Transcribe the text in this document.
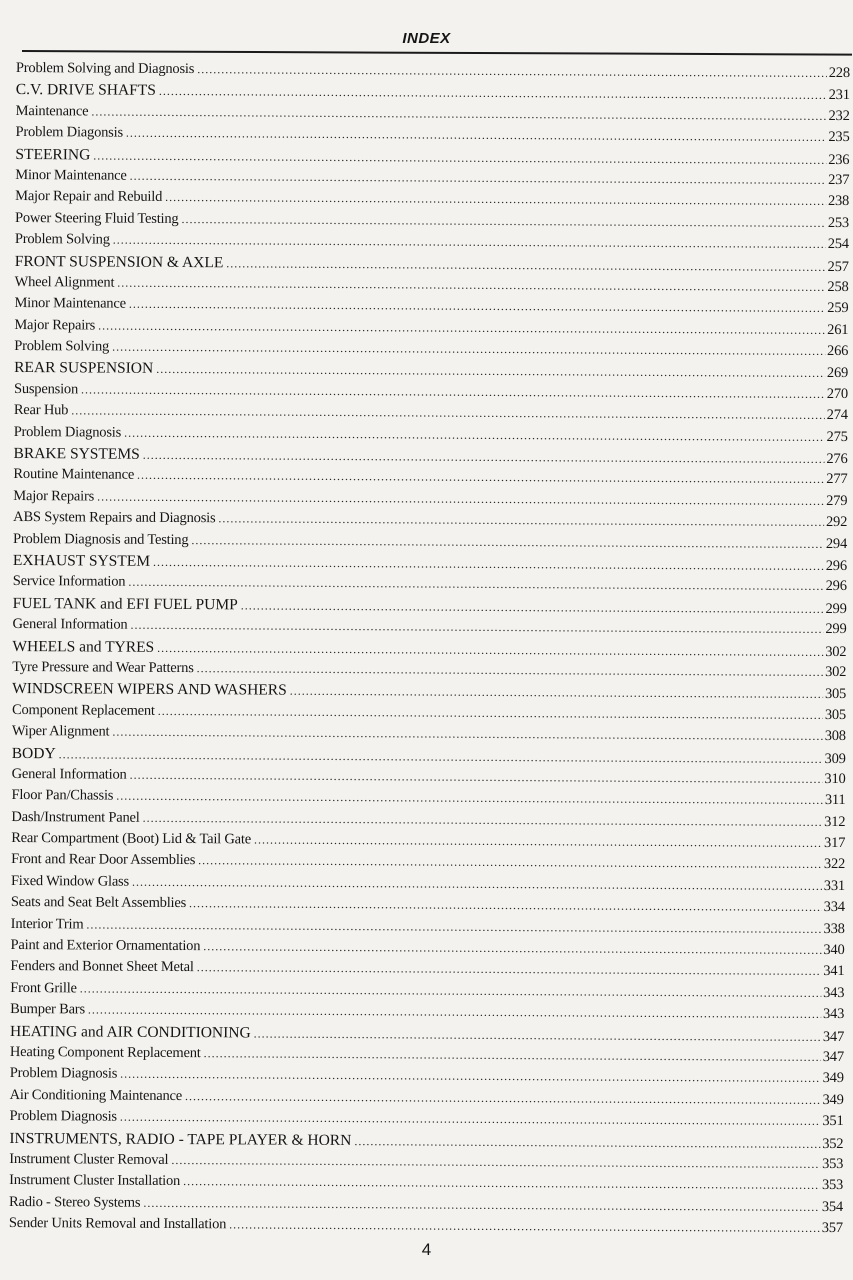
INDEX
Problem Solving and Diagnosis .....	228
C.V. DRIVE SHAFTS .....	231
Maintenance .....	232
Problem Diagonsis .....	235
STEERING .....	236
Minor Maintenance .....	237
Major Repair and Rebuild .....	238
Power Steering Fluid Testing .....	253
Problem Solving .....	254
FRONT SUSPENSION & AXLE .....	257
Wheel Alignment .....	258
Minor Maintenance .....	259
Major Repairs .....	261
Problem Solving .....	266
REAR SUSPENSION .....	269
Suspension .....	270
Rear Hub .....	274
Problem Diagnosis .....	275
BRAKE SYSTEMS .....	276
Routine Maintenance .....	277
Major Repairs .....	279
ABS System Repairs and Diagnosis .....	292
Problem Diagnosis and Testing .....	294
EXHAUST SYSTEM .....	296
Service Information .....	296
FUEL TANK and EFI FUEL PUMP .....	299
General Information .....	299
WHEELS and TYRES .....	302
Tyre Pressure and Wear Patterns .....	302
WINDSCREEN WIPERS AND WASHERS .....	305
Component Replacement .....	305
Wiper Alignment .....	308
BODY .....	309
General Information .....	310
Floor Pan/Chassis .....	311
Dash/Instrument Panel .....	312
Rear Compartment (Boot) Lid & Tail Gate .....	317
Front and Rear Door Assemblies .....	322
Fixed Window Glass .....	331
Seats and Seat Belt Assemblies .....	334
Interior Trim .....	338
Paint and Exterior Ornamentation .....	340
Fenders and Bonnet Sheet Metal .....	341
Front Grille .....	343
Bumper Bars .....	343
HEATING and AIR CONDITIONING .....	347
Heating Component Replacement .....	347
Problem Diagnosis .....	349
Air Conditioning Maintenance .....	349
Problem Diagnosis .....	351
INSTRUMENTS, RADIO - TAPE PLAYER & HORN .....	352
Instrument Cluster Removal .....	353
Instrument Cluster Installation .....	353
Radio - Stereo Systems .....	354
Sender Units Removal and Installation .....	357
4
